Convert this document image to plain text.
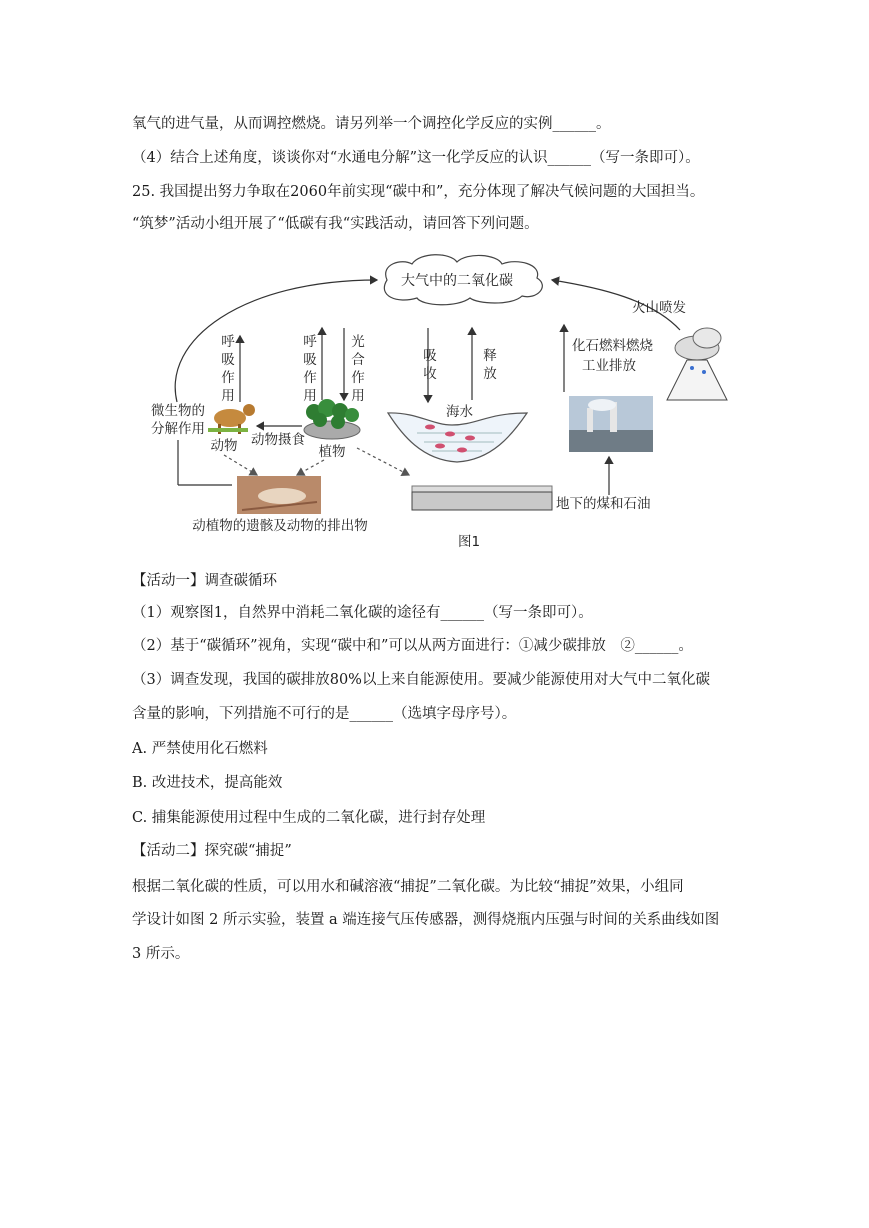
氧气的进气量，从而调控燃烧。请另列举一个调控化学反应的实例______。
（4）结合上述角度，谈谈你对“水通电分解”这一化学反应的认识______（写一条即可）。
25. 我国提出努力争取在2060年前实现“碳中和”，充分体现了解决气候问题的大国担当。
“筑梦”活动小组开展了“低碳有我“实践活动，请回答下列问题。
大气中的二氧化碳
火山喷发
化石燃料燃烧
工业排放
地下的煤和石油
海水
吸
收
释
放
呼
吸
作
用
光
合
作
用
呼
吸
作
用
植物
动物 动物摄食
微生物的
分解作用
动植物的遗骸及动物的排出物
图1
【活动一】调查碳循环
（1）观察图1，自然界中消耗二氧化碳的途径有______（写一条即可）。
（2）基于“碳循环”视角，实现“碳中和”可以从两方面进行：①减少碳排放　②______。
（3）调查发现，我国的碳排放80%以上来自能源使用。要减少能源使用对大气中二氧化碳
含量的影响，下列措施不可行的是______（选填字母序号）。
A. 严禁使用化石燃料
B. 改进技术，提高能效
C. 捕集能源使用过程中生成的二氧化碳，进行封存处理
【活动二】探究碳“捕捉”
根据二氧化碳的性质，可以用水和碱溶液“捕捉”二氧化碳。为比较“捕捉”效果，小组同
学设计如图 2 所示实验，装置 a 端连接气压传感器，测得烧瓶内压强与时间的关系曲线如图
3 所示。
